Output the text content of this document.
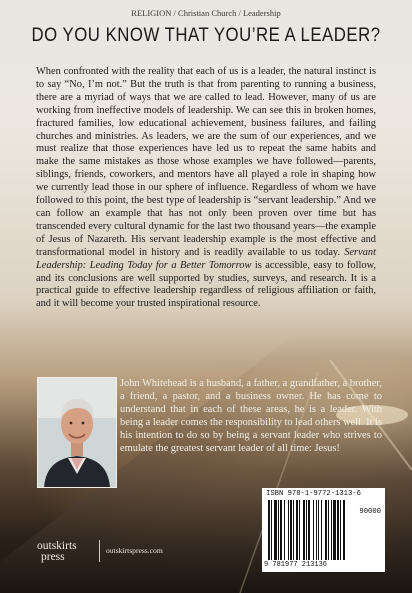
RELIGION / Christian Church / Leadership
DO YOU KNOW THAT YOU’RE A LEADER?

When confronted with the reality that each of us is a leader, the natural instinct is to say “No, I’m not.” But the truth is that from parenting to running a business, there are a myriad of ways that we are called to lead. However, many of us are working from ineffective models of leadership. We can see this in broken homes, fractured families, low educational achievement, business failures, and failing churches and ministries. As leaders, we are the sum of our experiences, and we must realize that those experiences have led us to repeat the same habits and make the same mistakes as those whose examples we have followed—parents, siblings, friends, coworkers, and mentors have all played a role in shaping how we currently lead those in our sphere of influence. Regardless of whom we have followed to this point, the best type of leadership is “servant leadership.” And we can follow an example that has not only been proven over time but has transcended every cultural dynamic for the last two thousand years—the example of Jesus of Nazareth. His servant leadership example is the most effective and transformational model in history and is readily available to us today. Servant Leadership: Leading Today for a Better Tomorrow is accessible, easy to follow, and its conclusions are well supported by studies, surveys, and research. It is a practical guide to effective leadership regardless of religious affiliation or faith, and it will become your trusted inspirational resource.

John Whitehead is a husband, a father, a grandfather, a brother, a friend, a pastor, and a business owner. He has come to understand that in each of these areas, he is a leader. With being a leader comes the responsibility to lead others well. It is his intention to do so by being a servant leader who strives to emulate the greatest servant leader of all time: Jesus!

ISBN 978-1-9772-1313-6
90000
9 781977 213136
outskirts
press
outskirtspress.com
